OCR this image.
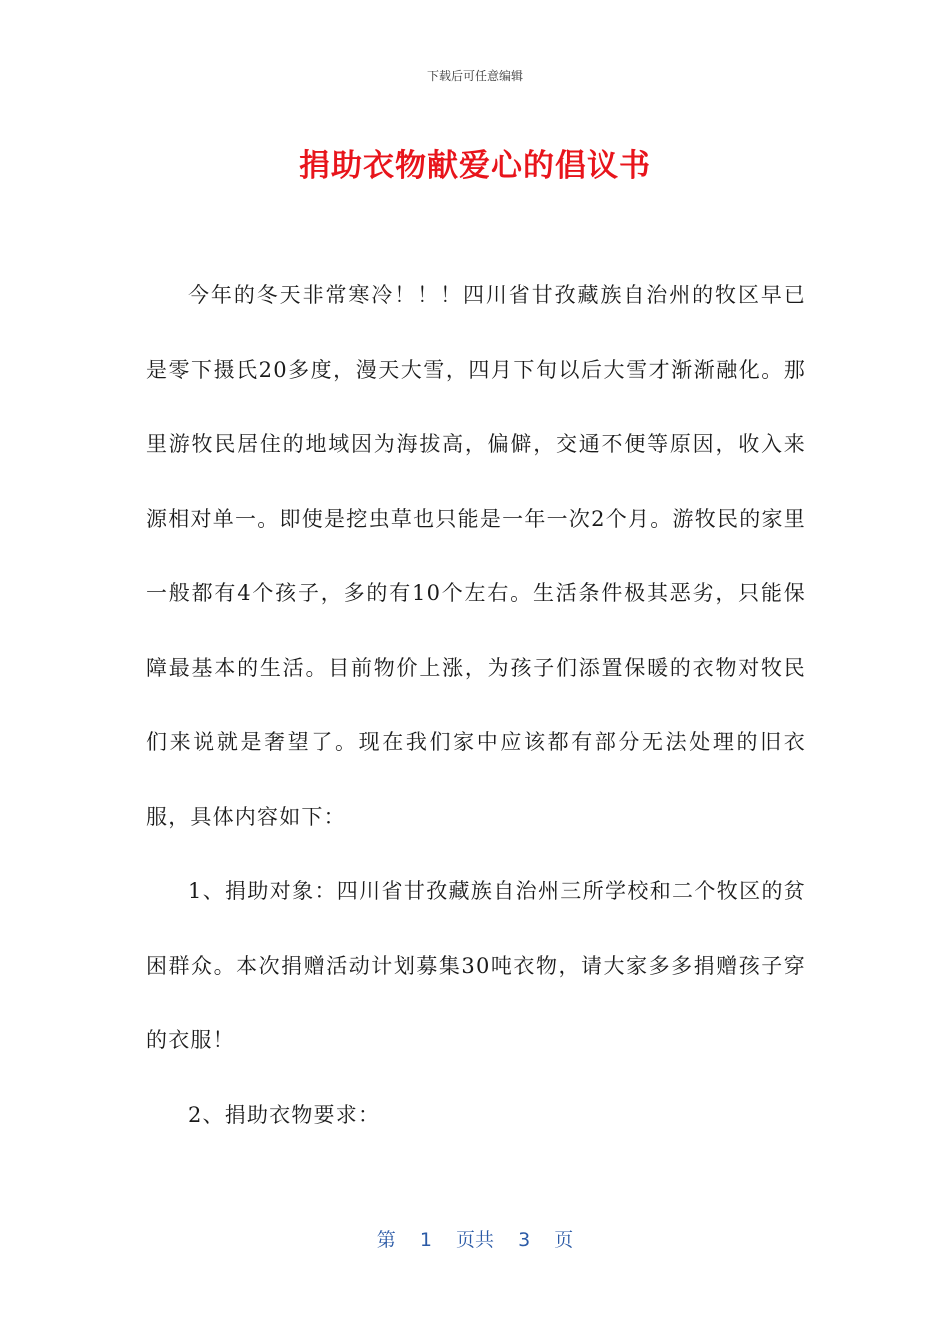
下载后可任意编辑
捐助衣物献爱心的倡议书

今年的冬天非常寒冷！！！四川省甘孜藏族自治州的牧区早已是零下摄氏20多度，漫天大雪，四月下旬以后大雪才渐渐融化。那里游牧民居住的地域因为海拔高，偏僻，交通不便等原因，收入来源相对单一。即使是挖虫草也只能是一年一次2个月。游牧民的家里一般都有4个孩子，多的有10个左右。生活条件极其恶劣，只能保障最基本的生活。目前物价上涨，为孩子们添置保暖的衣物对牧民们来说就是奢望了。现在我们家中应该都有部分无法处理的旧衣服，具体内容如下：

1、捐助对象：四川省甘孜藏族自治州三所学校和二个牧区的贫困群众。本次捐赠活动计划募集30吨衣物，请大家多多捐赠孩子穿的衣服！

2、捐助衣物要求：

第  1  页共  3  页
